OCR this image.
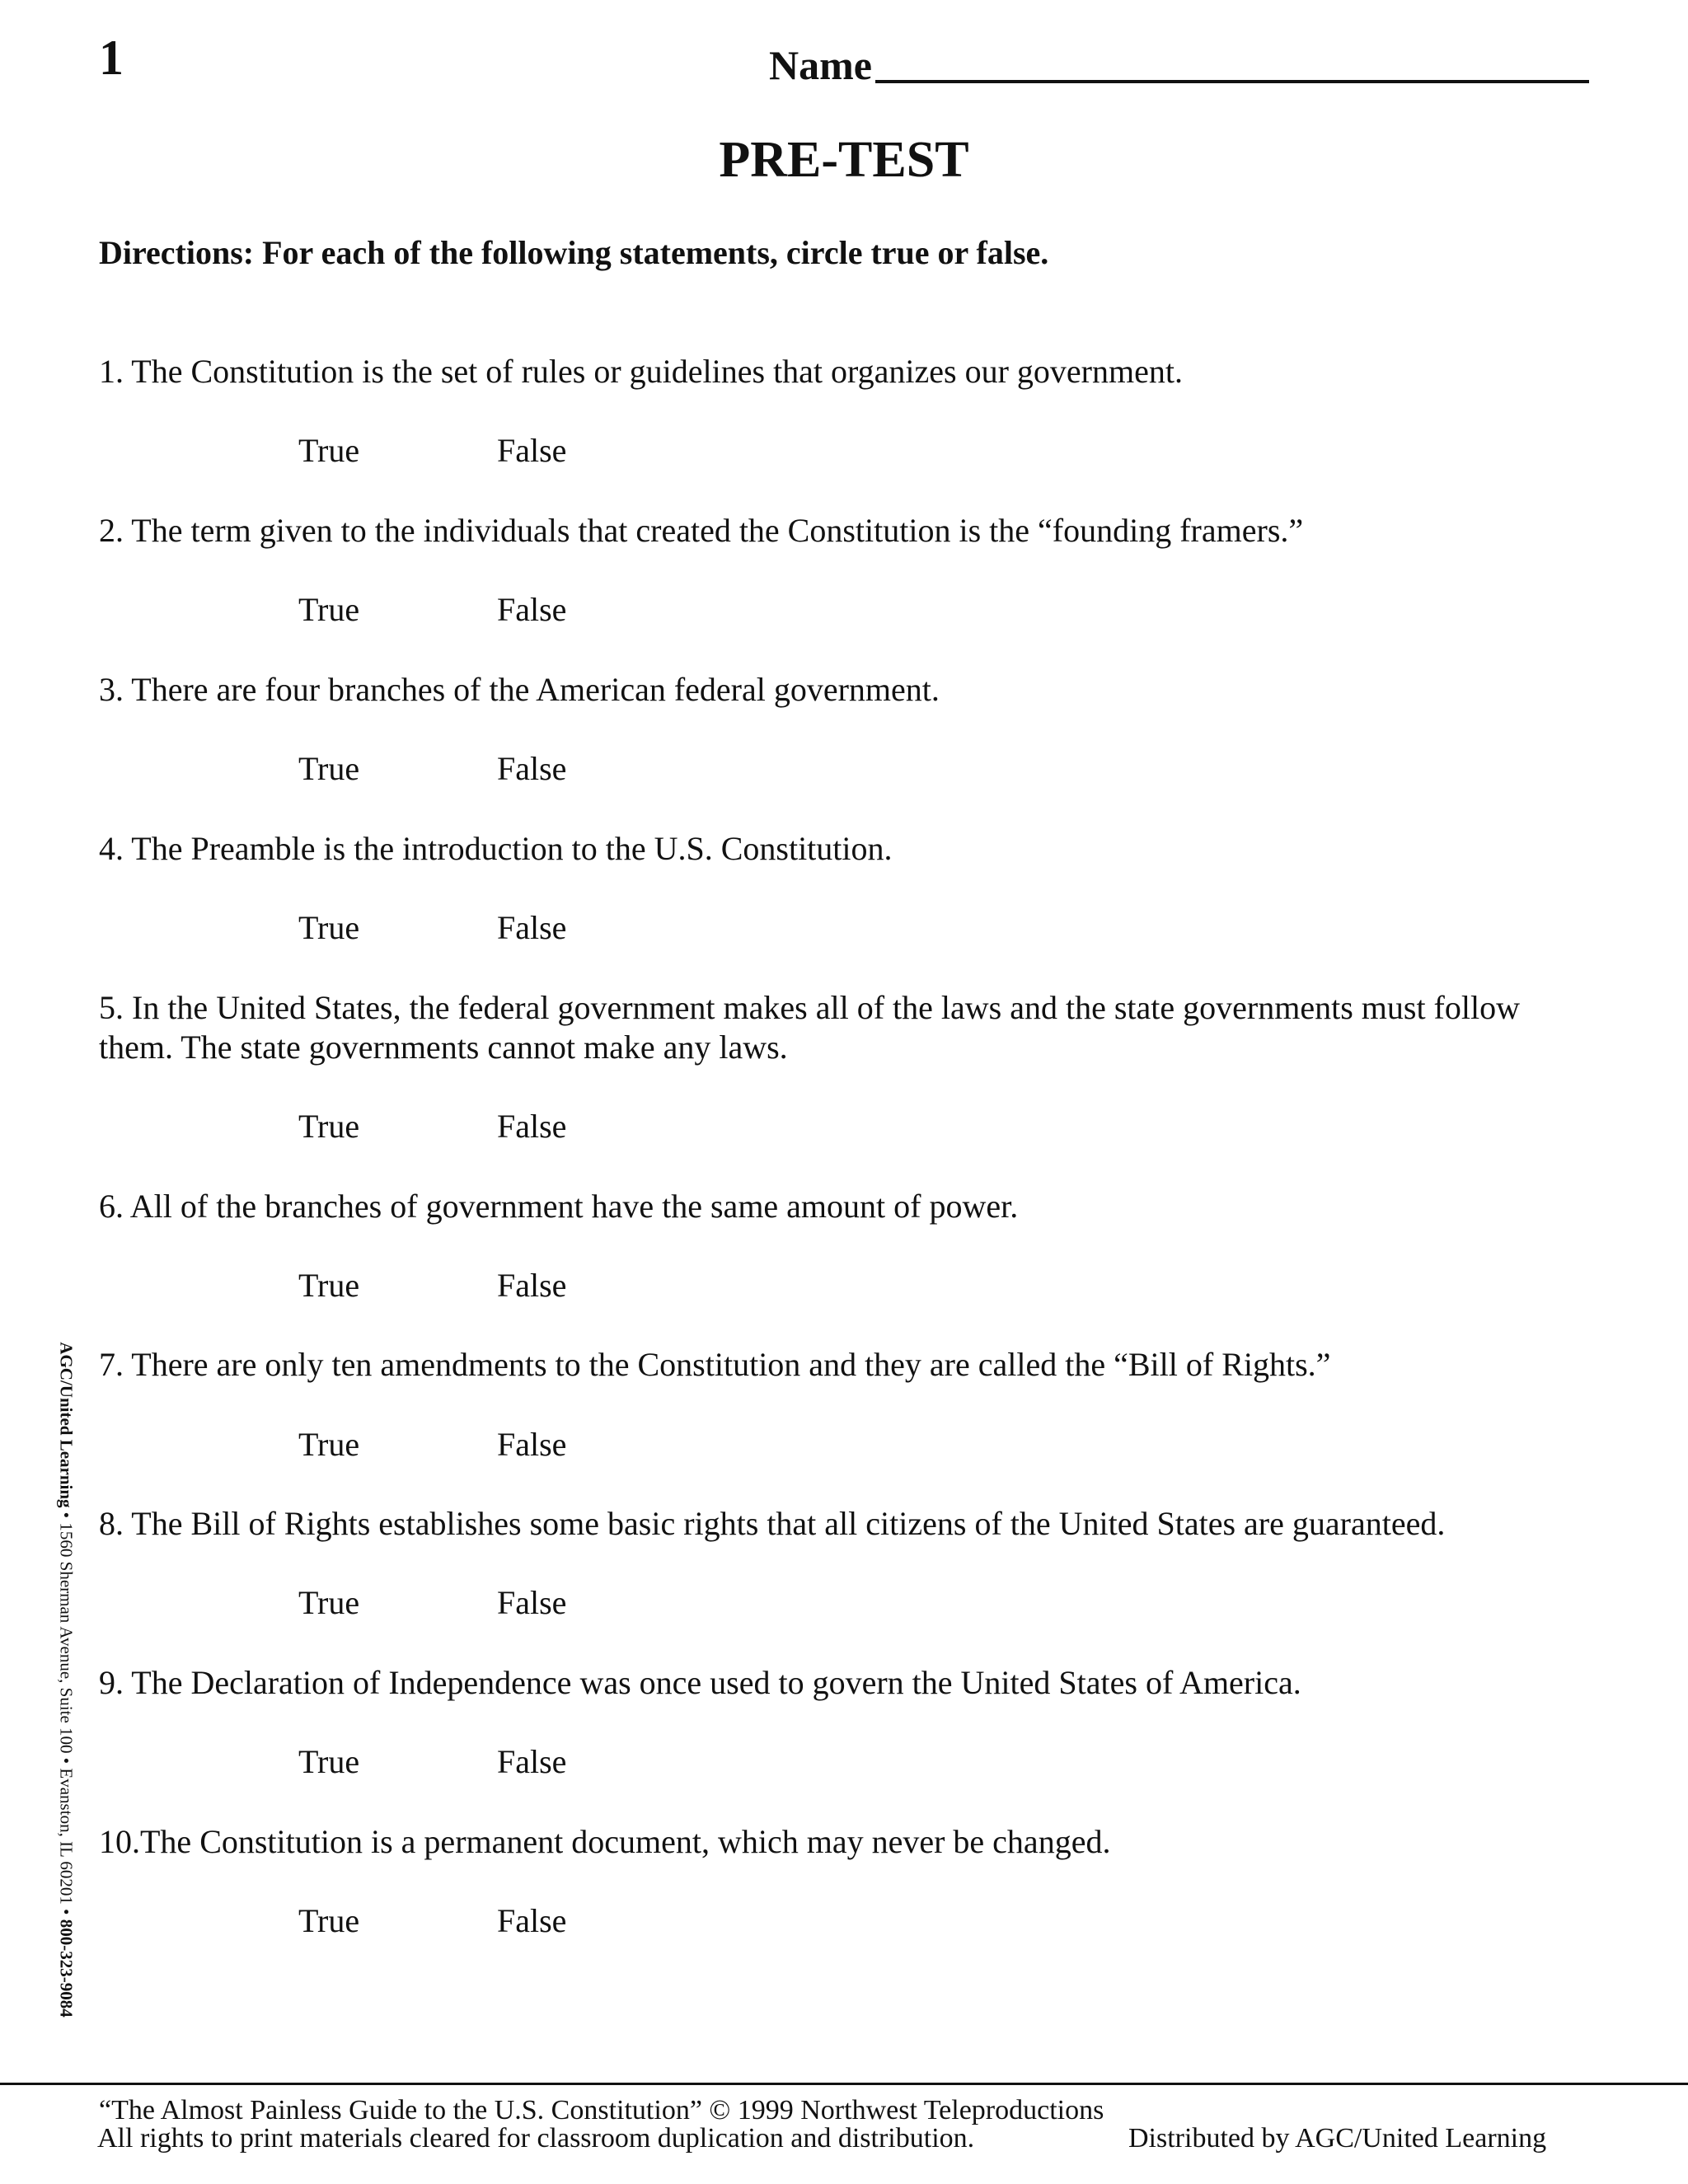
1	Name
PRE-TEST
Directions: For each of the following statements, circle true or false.
1. The Constitution is the set of rules or guidelines that organizes our government.
True	False
2. The term given to the individuals that created the Constitution is the “founding framers.”
True	False
3. There are four branches of the American federal government.
True	False
4. The Preamble is the introduction to the U.S. Constitution.
True	False
5. In the United States, the federal government makes all of the laws and the state governments must follow them. The state governments cannot make any laws.
True	False
6. All of the branches of government have the same amount of power.
True	False
7. There are only ten amendments to the Constitution and they are called the “Bill of Rights.”
True	False
8. The Bill of Rights establishes some basic rights that all citizens of the United States are guaranteed.
True	False
9. The Declaration of Independence was once used to govern the United States of America.
True	False
10.The Constitution is a permanent document, which may never be changed.
True	False
AGC/United Learning • 1560 Sherman Avenue, Suite 100 • Evanston, IL 60201 • 800-323-9084
“The Almost Painless Guide to the U.S. Constitution” © 1999 Northwest Teleproductions
All rights to print materials cleared for classroom duplication and distribution.	Distributed by AGC/United Learning
